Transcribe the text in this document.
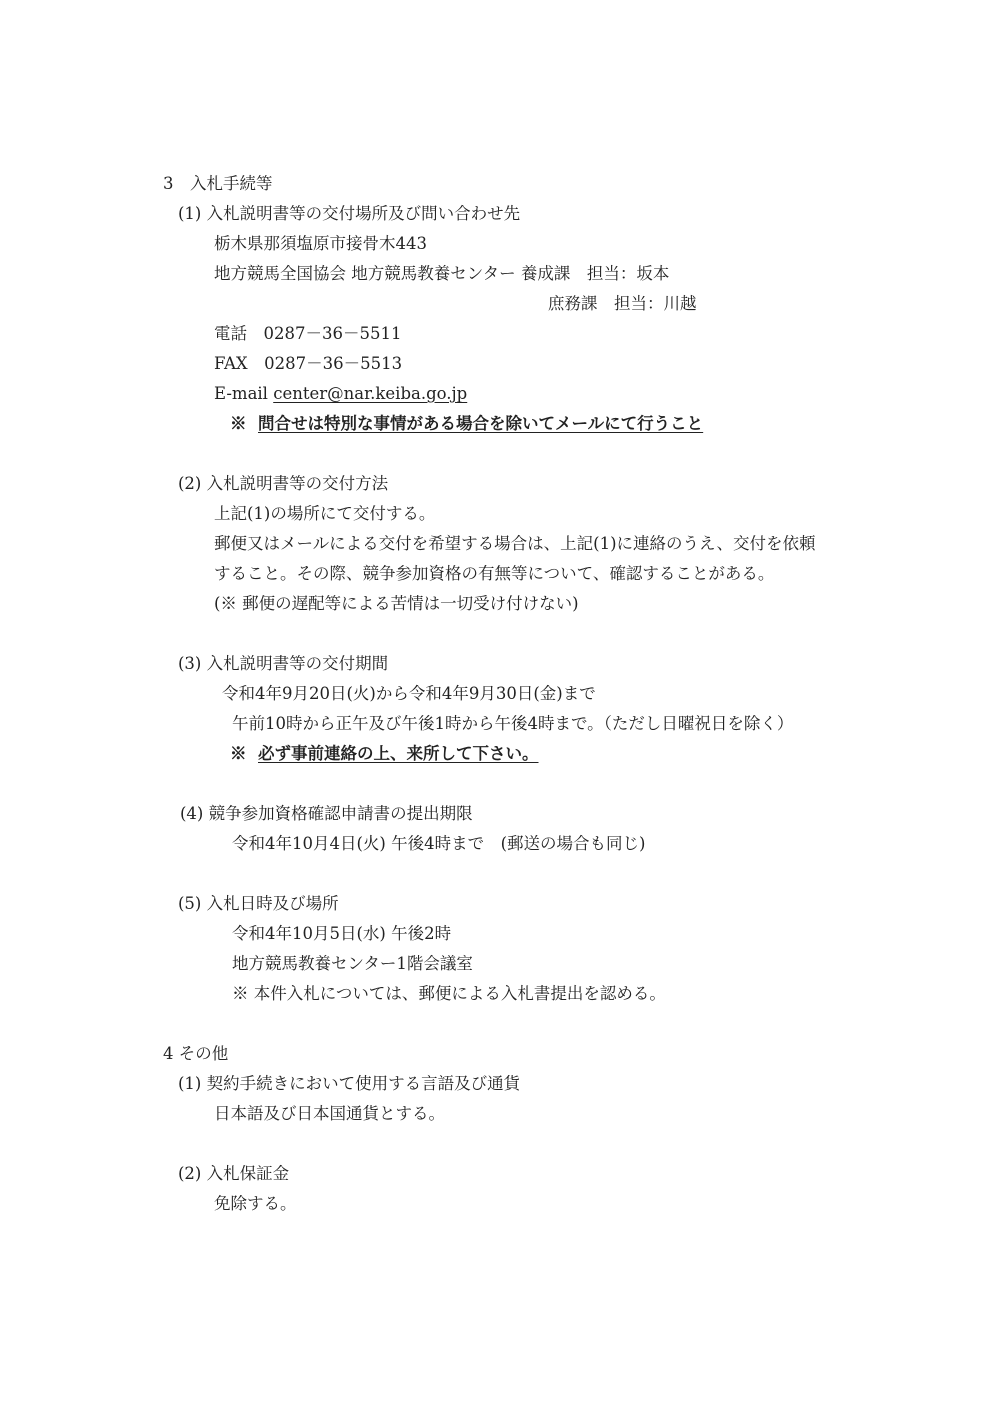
3　入札手続等
(1) 入札説明書等の交付場所及び問い合わせ先
栃木県那須塩原市接骨木443
地方競馬全国協会 地方競馬教養センター 養成課　担当：坂本
庶務課　担当：川越
電話　0287－36－5511
FAX　0287－36－5513
E-mail center@nar.keiba.go.jp
※ 問合せは特別な事情がある場合を除いてメールにて行うこと
(2) 入札説明書等の交付方法
上記(1)の場所にて交付する。
郵便又はメールによる交付を希望する場合は、上記(1)に連絡のうえ、交付を依頼
すること。その際、競争参加資格の有無等について、確認することがある。
(※ 郵便の遅配等による苦情は一切受け付けない)
(3) 入札説明書等の交付期間
令和4年9月20日(火)から令和4年9月30日(金)まで
午前10時から正午及び午後1時から午後4時まで。（ただし日曜祝日を除く）
※ 必ず事前連絡の上、来所して下さい。
(4) 競争参加資格確認申請書の提出期限
令和4年10月4日(火) 午後4時まで　(郵送の場合も同じ)
(5) 入札日時及び場所
令和4年10月5日(水) 午後2時
地方競馬教養センター1階会議室
※ 本件入札については、郵便による入札書提出を認める。
4 その他
(1) 契約手続きにおいて使用する言語及び通貨
日本語及び日本国通貨とする。
(2) 入札保証金
免除する。
